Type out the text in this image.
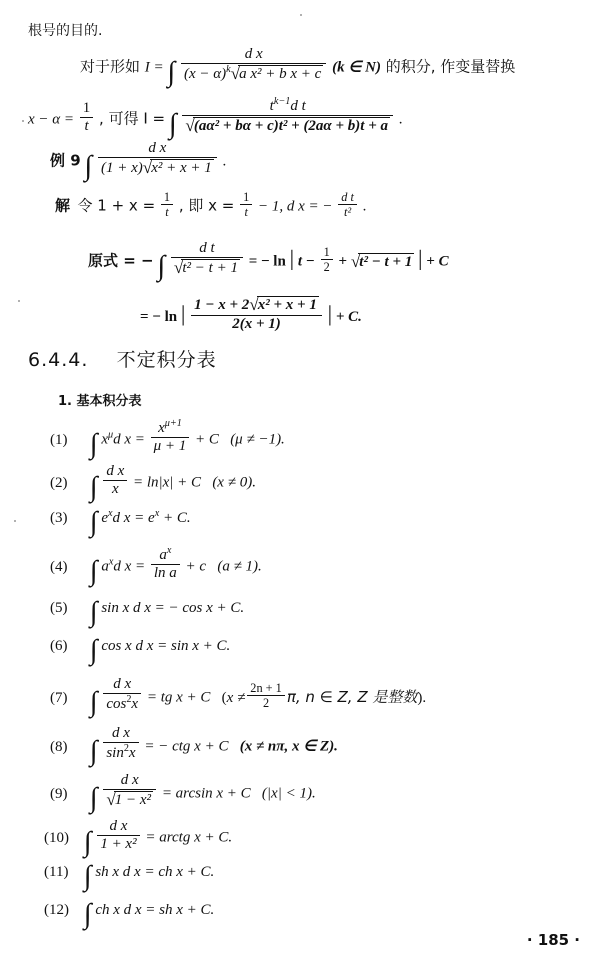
根号的目的.
对于形如 I = ∫ $\frac{\text{d x}}{(x - \alpha)^k√a x^2 + b x + c} (k$ ∈ N) 的积分, 作变量替换
$x - \alpha = \frac{1}{t}$ , 可得 I = ∫ $\frac{t^{k-1}d t}{\text{√(aα² + bα + c)t² + (2aα + b)t + a}}$ .
例 9 ∫ $\frac{\text{d x}}{\text{(1 + x)√x² + x + 1}}$ .
解 令 $1 + x = \frac{1}{t}$ , 即 $x = \frac{1}{t} - 1$, d x = − $\frac{\text{d t}}{\text{t²}}$ .
原式 = − ∫ $\frac{\text{d t}}{\text{√t² − t + 1}}$ = − ln | $t - \frac{1}{2} + √t^2 - t + 1$ | + C
= − ln | $\frac{\text{1 − x + 2√x² + x + 1}}{2(x + 1)}$ | + C.
6.4.4. 不定积分表
1. 基本积分表
(1) ∫ $x^\mu d$ $x = \frac{x^{\mu+1}}{\mu + 1} + C$ (μ ≠ −1).
(2) ∫ $\frac{\text{d x}}{x} = \ln|x| + C$ (x ≠ 0).
(3) ∫ $e^xd$ $x = e^x + C$.
(4) ∫ $a^xd$ $x = \frac{a^x}{\text{ln a}} + c$ (a ≠ 1).
(5) ∫ sin x d x = − cos x + C.
(6) ∫ cos x d x = sin x + C.
(7) ∫ $\frac{\text{d x}}{\cos^2x}$ = tg x + C ($x \ne \frac{2n + 1}{2} \pi$, n ∈ Z, Z 是整数).
(8) ∫ $\frac{\text{d x}}{\sin^2x}$ = − ctg x + C (x ≠ nπ, x ∈ Z).
(9) ∫ $\frac{\text{d x}}{\text{√1 − x²}} = \arcsin x + C$ (|x| < 1).
(10) ∫ $\frac{\text{d x}}{\text{1 + x²}}$ = arctg x + C.
(11) ∫ sh x d x = ch x + C.
(12) ∫ ch x d x = sh x + C.
· 185 ·
